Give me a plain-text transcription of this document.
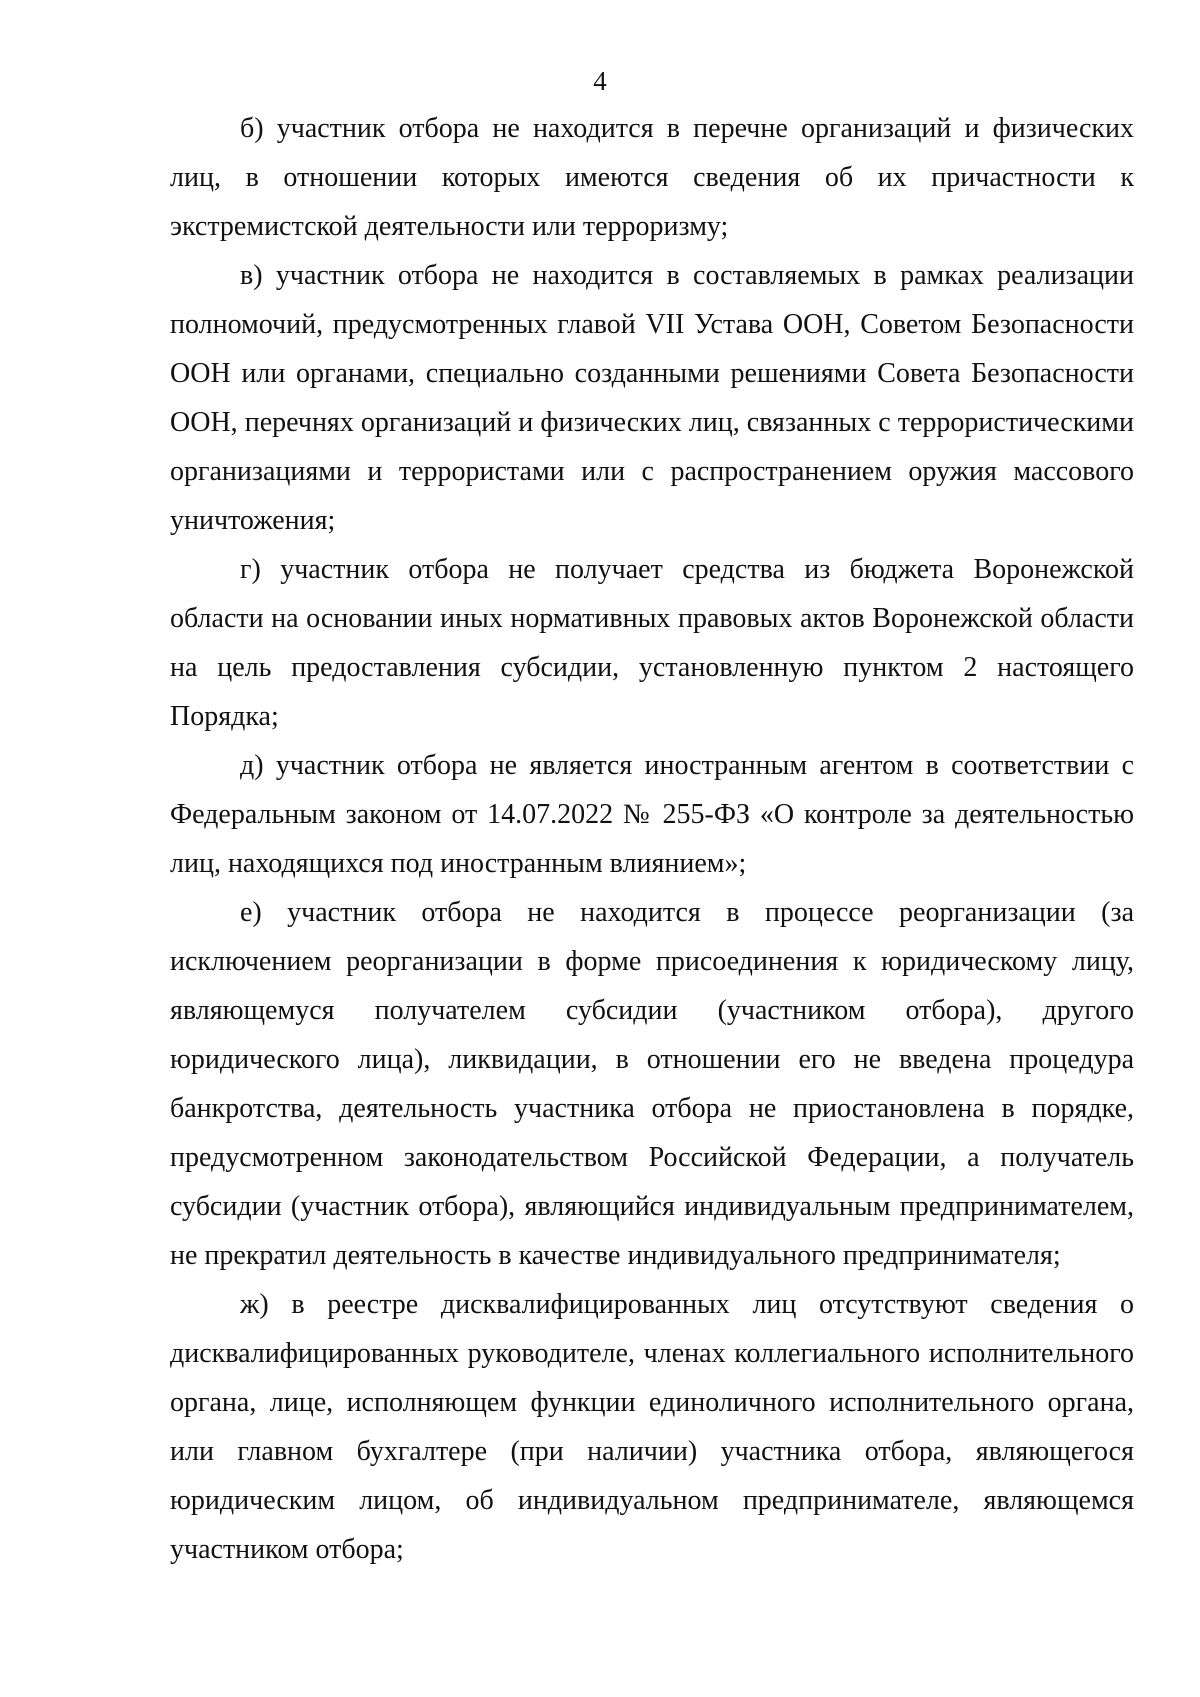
4

б) участник отбора не находится в перечне организаций и физических лиц, в отношении которых имеются сведения об их причастности к экстремистской деятельности или терроризму;

в) участник отбора не находится в составляемых в рамках реализации полномочий, предусмотренных главой VII Устава ООН, Советом Безопасности ООН или органами, специально созданными решениями Совета Безопасности ООН, перечнях организаций и физических лиц, связанных с террористическими организациями и террористами или с распространением оружия массового уничтожения;

г) участник отбора не получает средства из бюджета Воронежской области на основании иных нормативных правовых актов Воронежской области на цель предоставления субсидии, установленную пунктом 2 настоящего Порядка;

д) участник отбора не является иностранным агентом в соответствии с Федеральным законом от 14.07.2022 № 255-ФЗ «О контроле за деятельностью лиц, находящихся под иностранным влиянием»;

е) участник отбора не находится в процессе реорганизации (за исключением реорганизации в форме присоединения к юридическому лицу, являющемуся получателем субсидии (участником отбора), другого юридического лица), ликвидации, в отношении его не введена процедура банкротства, деятельность участника отбора не приостановлена в порядке, предусмотренном законодательством Российской Федерации, а получатель субсидии (участник отбора), являющийся индивидуальным предпринимателем, не прекратил деятельность в качестве индивидуального предпринимателя;

ж) в реестре дисквалифицированных лиц отсутствуют сведения о дисквалифицированных руководителе, членах коллегиального исполнительного органа, лице, исполняющем функции единоличного исполнительного органа, или главном бухгалтере (при наличии) участника отбора, являющегося юридическим лицом, об индивидуальном предпринимателе, являющемся участником отбора;
